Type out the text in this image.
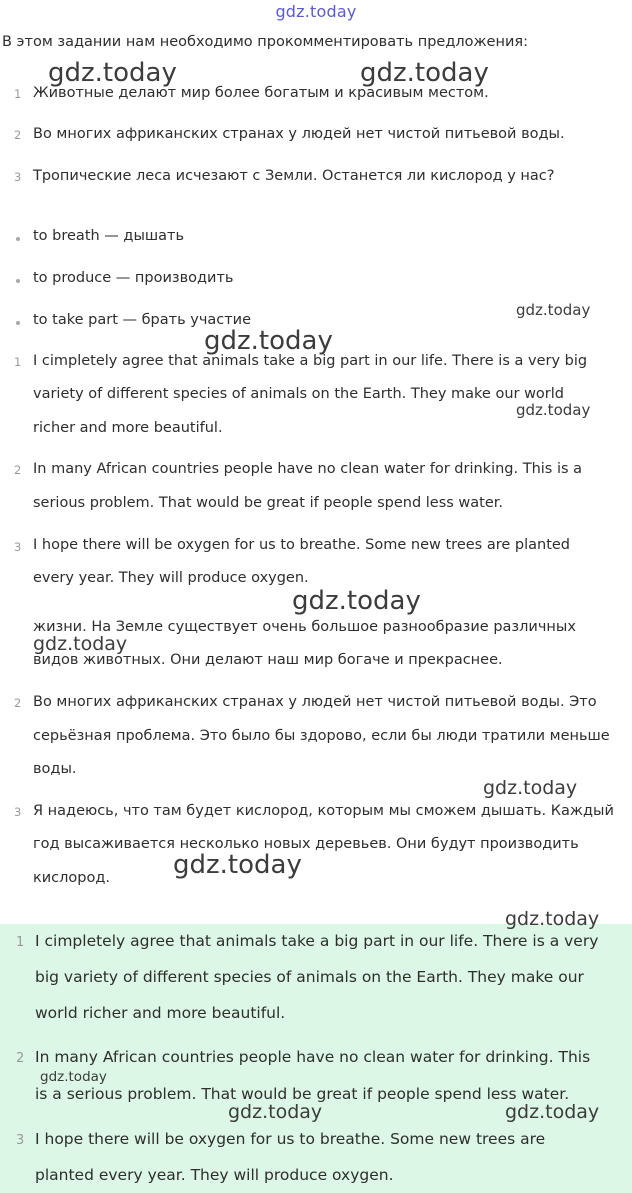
gdz.today
В этом задании нам необходимо прокомментировать предложения:
1 Животные делают мир более богатым и красивым местом.
2 Во многих африканских странах у людей нет чистой питьевой воды.
3 Тропические леса исчезают с Земли. Останется ли кислород у нас?
to breath — дышать
to produce — производить
to take part — брать участие
1 I cimpletely agree that animals take a big part in our life. There is a very big
variety of different species of animals on the Earth. They make our world
richer and more beautiful.
2 In many African countries people have no clean water for drinking. This is a
serious problem. That would be great if people spend less water.
3 I hope there will be oxygen for us to breathe. Some new trees are planted
every year. They will produce oxygen.
жизни. На Земле существует очень большое разнообразие различных
видов животных. Они делают наш мир богаче и прекраснее.
2 Во многих африканских странах у людей нет чистой питьевой воды. Это
серьёзная проблема. Это было бы здорово, если бы люди тратили меньше
воды.
3 Я надеюсь, что там будет кислород, которым мы сможем дышать. Каждый
год высаживается несколько новых деревьев. Они будут производить
кислород.
1 I cimpletely agree that animals take a big part in our life. There is a very
big variety of different species of animals on the Earth. They make our
world richer and more beautiful.
2 In many African countries people have no clean water for drinking. This
is a serious problem. That would be great if people spend less water.
3 I hope there will be oxygen for us to breathe. Some new trees are
planted every year. They will produce oxygen.
gdz.today	gdz.today
gdz.today
gdz.today
gdz.today
gdz.today
gdz.today
gdz.today
gdz.today
gdz.today
gdz.today
gdz.today	gdz.today
